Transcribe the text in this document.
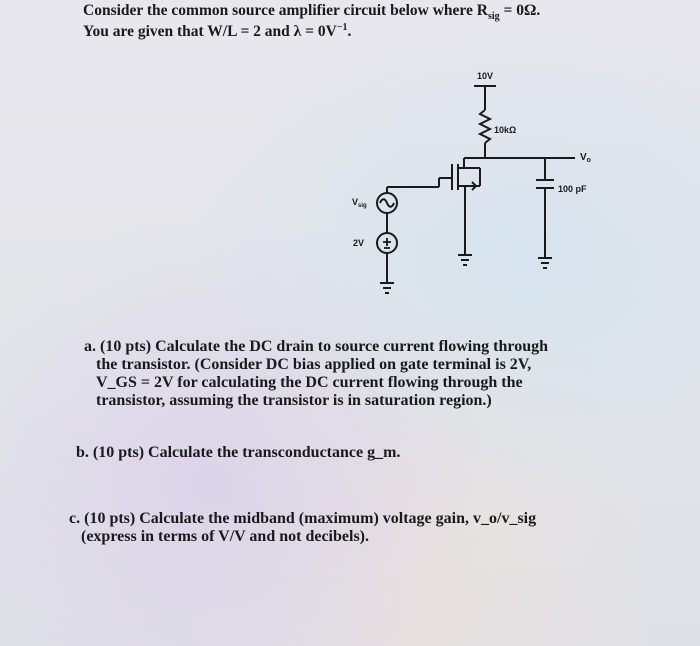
Consider the common source amplifier circuit below where $R_{sig} = 0\Omega$.

You are given that W/L = 2 and $\lambda = 0V^{-1}$.

10V
10kΩ
$V_o$
100 pF
$V_{sig}$
2V
a. (10 pts) Calculate the DC drain to source current flowing through
the transistor. (Consider DC bias applied on gate terminal is 2V,
V_GS = 2V for calculating the DC current flowing through the
transistor, assuming the transistor is in saturation region.)
b. (10 pts) Calculate the transconductance g_m.
c. (10 pts) Calculate the midband (maximum) voltage gain, v_o/v_sig
(express in terms of V/V and not decibels).
